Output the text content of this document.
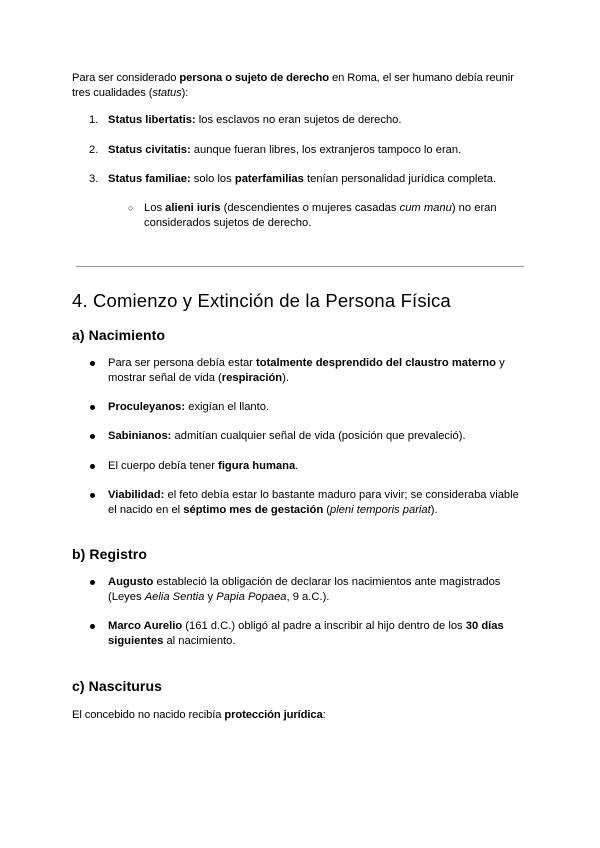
Para ser considerado persona o sujeto de derecho en Roma, el ser humano debía reunir tres cualidades (status):
1. Status libertatis: los esclavos no eran sujetos de derecho.
2. Status civitatis: aunque fueran libres, los extranjeros tampoco lo eran.
3. Status familiae: solo los paterfamilias tenían personalidad jurídica completa.
○ Los alieni iuris (descendientes o mujeres casadas cum manu) no eran considerados sujetos de derecho.
4. Comienzo y Extinción de la Persona Física
a) Nacimiento
Para ser persona debía estar totalmente desprendido del claustro materno y mostrar señal de vida (respiración).
Proculeyanos: exigían el llanto.
Sabinianos: admitían cualquier señal de vida (posición que prevaleció).
El cuerpo debía tener figura humana.
Viabilidad: el feto debía estar lo bastante maduro para vivir; se consideraba viable el nacido en el séptimo mes de gestación (pleni temporis pariat).
b) Registro
Augusto estableció la obligación de declarar los nacimientos ante magistrados (Leyes Aelia Sentia y Papia Popaea, 9 a.C.).
Marco Aurelio (161 d.C.) obligó al padre a inscribir al hijo dentro de los 30 días siguientes al nacimiento.
c) Nasciturus
El concebido no nacido recibía protección jurídica:
